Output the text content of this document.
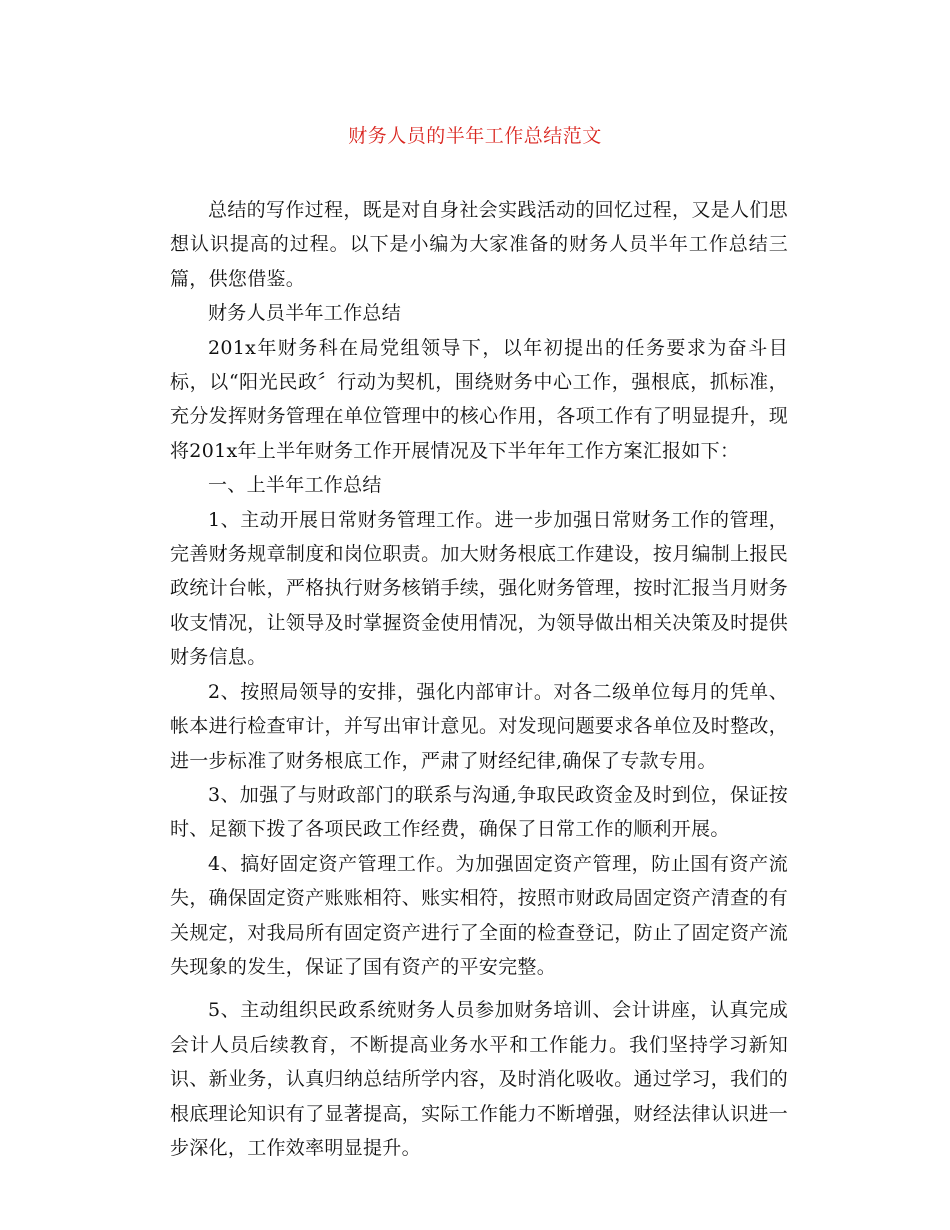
财务人员的半年工作总结范文

总结的写作过程，既是对自身社会实践活动的回忆过程，又是人们思想认识提高的过程。以下是小编为大家准备的财务人员半年工作总结三篇，供您借鉴。

财务人员半年工作总结

201x年财务科在局党组领导下，以年初提出的任务要求为奋斗目标，以“阳光民政〞行动为契机，围绕财务中心工作，强根底，抓标准，充分发挥财务管理在单位管理中的核心作用，各项工作有了明显提升，现将201x年上半年财务工作开展情况及下半年年工作方案汇报如下：

一、上半年工作总结

1、主动开展日常财务管理工作。进一步加强日常财务工作的管理，完善财务规章制度和岗位职责。加大财务根底工作建设，按月编制上报民政统计台帐，严格执行财务核销手续，强化财务管理，按时汇报当月财务收支情况，让领导及时掌握资金使用情况，为领导做出相关决策及时提供财务信息。

2、按照局领导的安排，强化内部审计。对各二级单位每月的凭单、帐本进行检查审计，并写出审计意见。对发现问题要求各单位及时整改，进一步标准了财务根底工作，严肃了财经纪律,确保了专款专用。

3、加强了与财政部门的联系与沟通,争取民政资金及时到位，保证按时、足额下拨了各项民政工作经费，确保了日常工作的顺利开展。

4、搞好固定资产管理工作。为加强固定资产管理，防止国有资产流失，确保固定资产账账相符、账实相符，按照市财政局固定资产清查的有关规定，对我局所有固定资产进行了全面的检查登记，防止了固定资产流失现象的发生，保证了国有资产的平安完整。

5、主动组织民政系统财务人员参加财务培训、会计讲座，认真完成会计人员后续教育，不断提高业务水平和工作能力。我们坚持学习新知识、新业务，认真归纳总结所学内容，及时消化吸收。通过学习，我们的根底理论知识有了显著提高，实际工作能力不断增强，财经法律认识进一步深化，工作效率明显提升。
